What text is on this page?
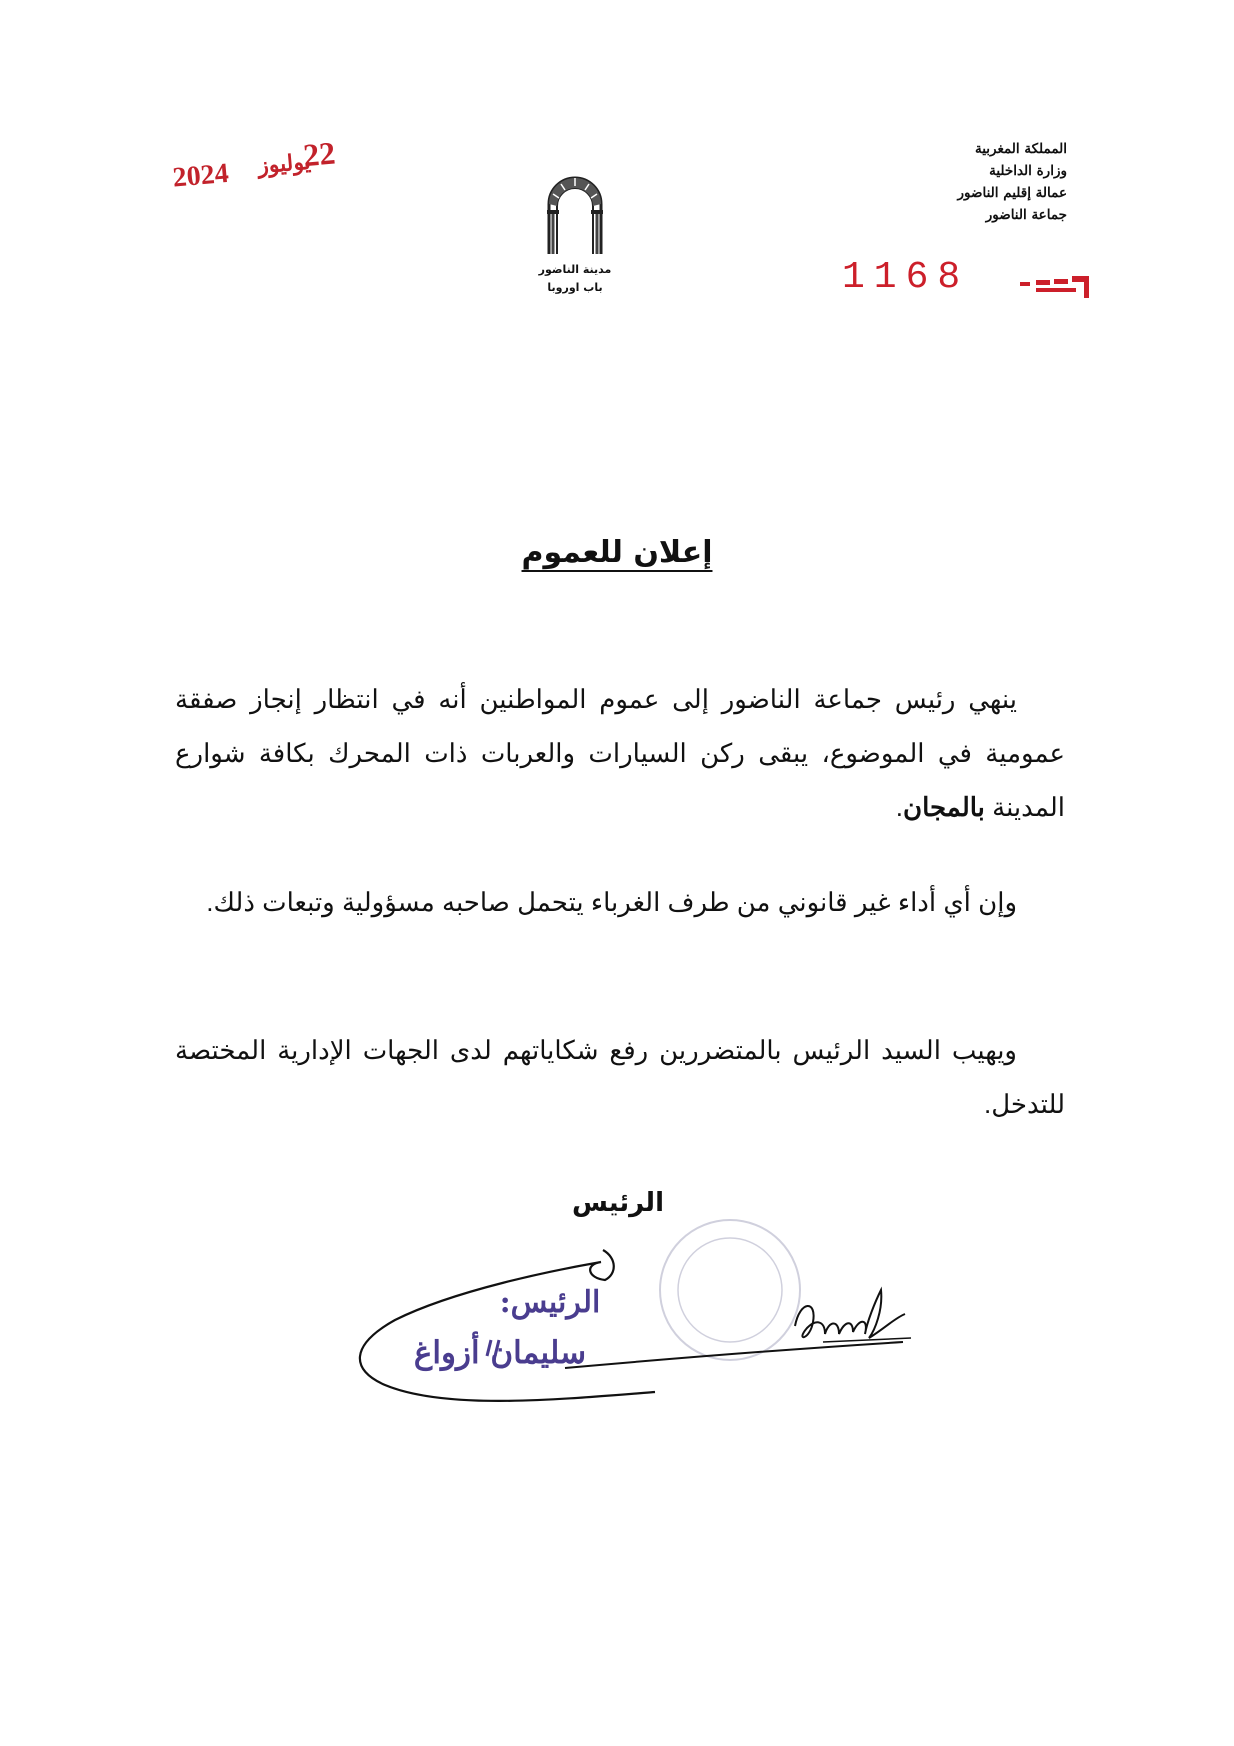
المملكة المغربية
وزارة الداخلية
عمالة إقليم الناضور
جماعة الناضور
1168
2024 يوليوز
22
مدينة الناضور
باب اوروبا
إعلان للعموم
ينهي رئيس جماعة الناضور إلى عموم المواطنين أنه في انتظار إنجاز صفقة عمومية في الموضوع، يبقى ركن السيارات والعربات ذات المحرك بكافة شوارع المدينة بالمجان.
وإن أي أداء غير قانوني من طرف الغرباء يتحمل صاحبه مسؤولية وتبعات ذلك.
ويهيب السيد الرئيس بالمتضررين رفع شكاياتهم لدى الجهات الإدارية المختصة للتدخل.
الرئيس
الرئيس:
سليمان أزواغ
